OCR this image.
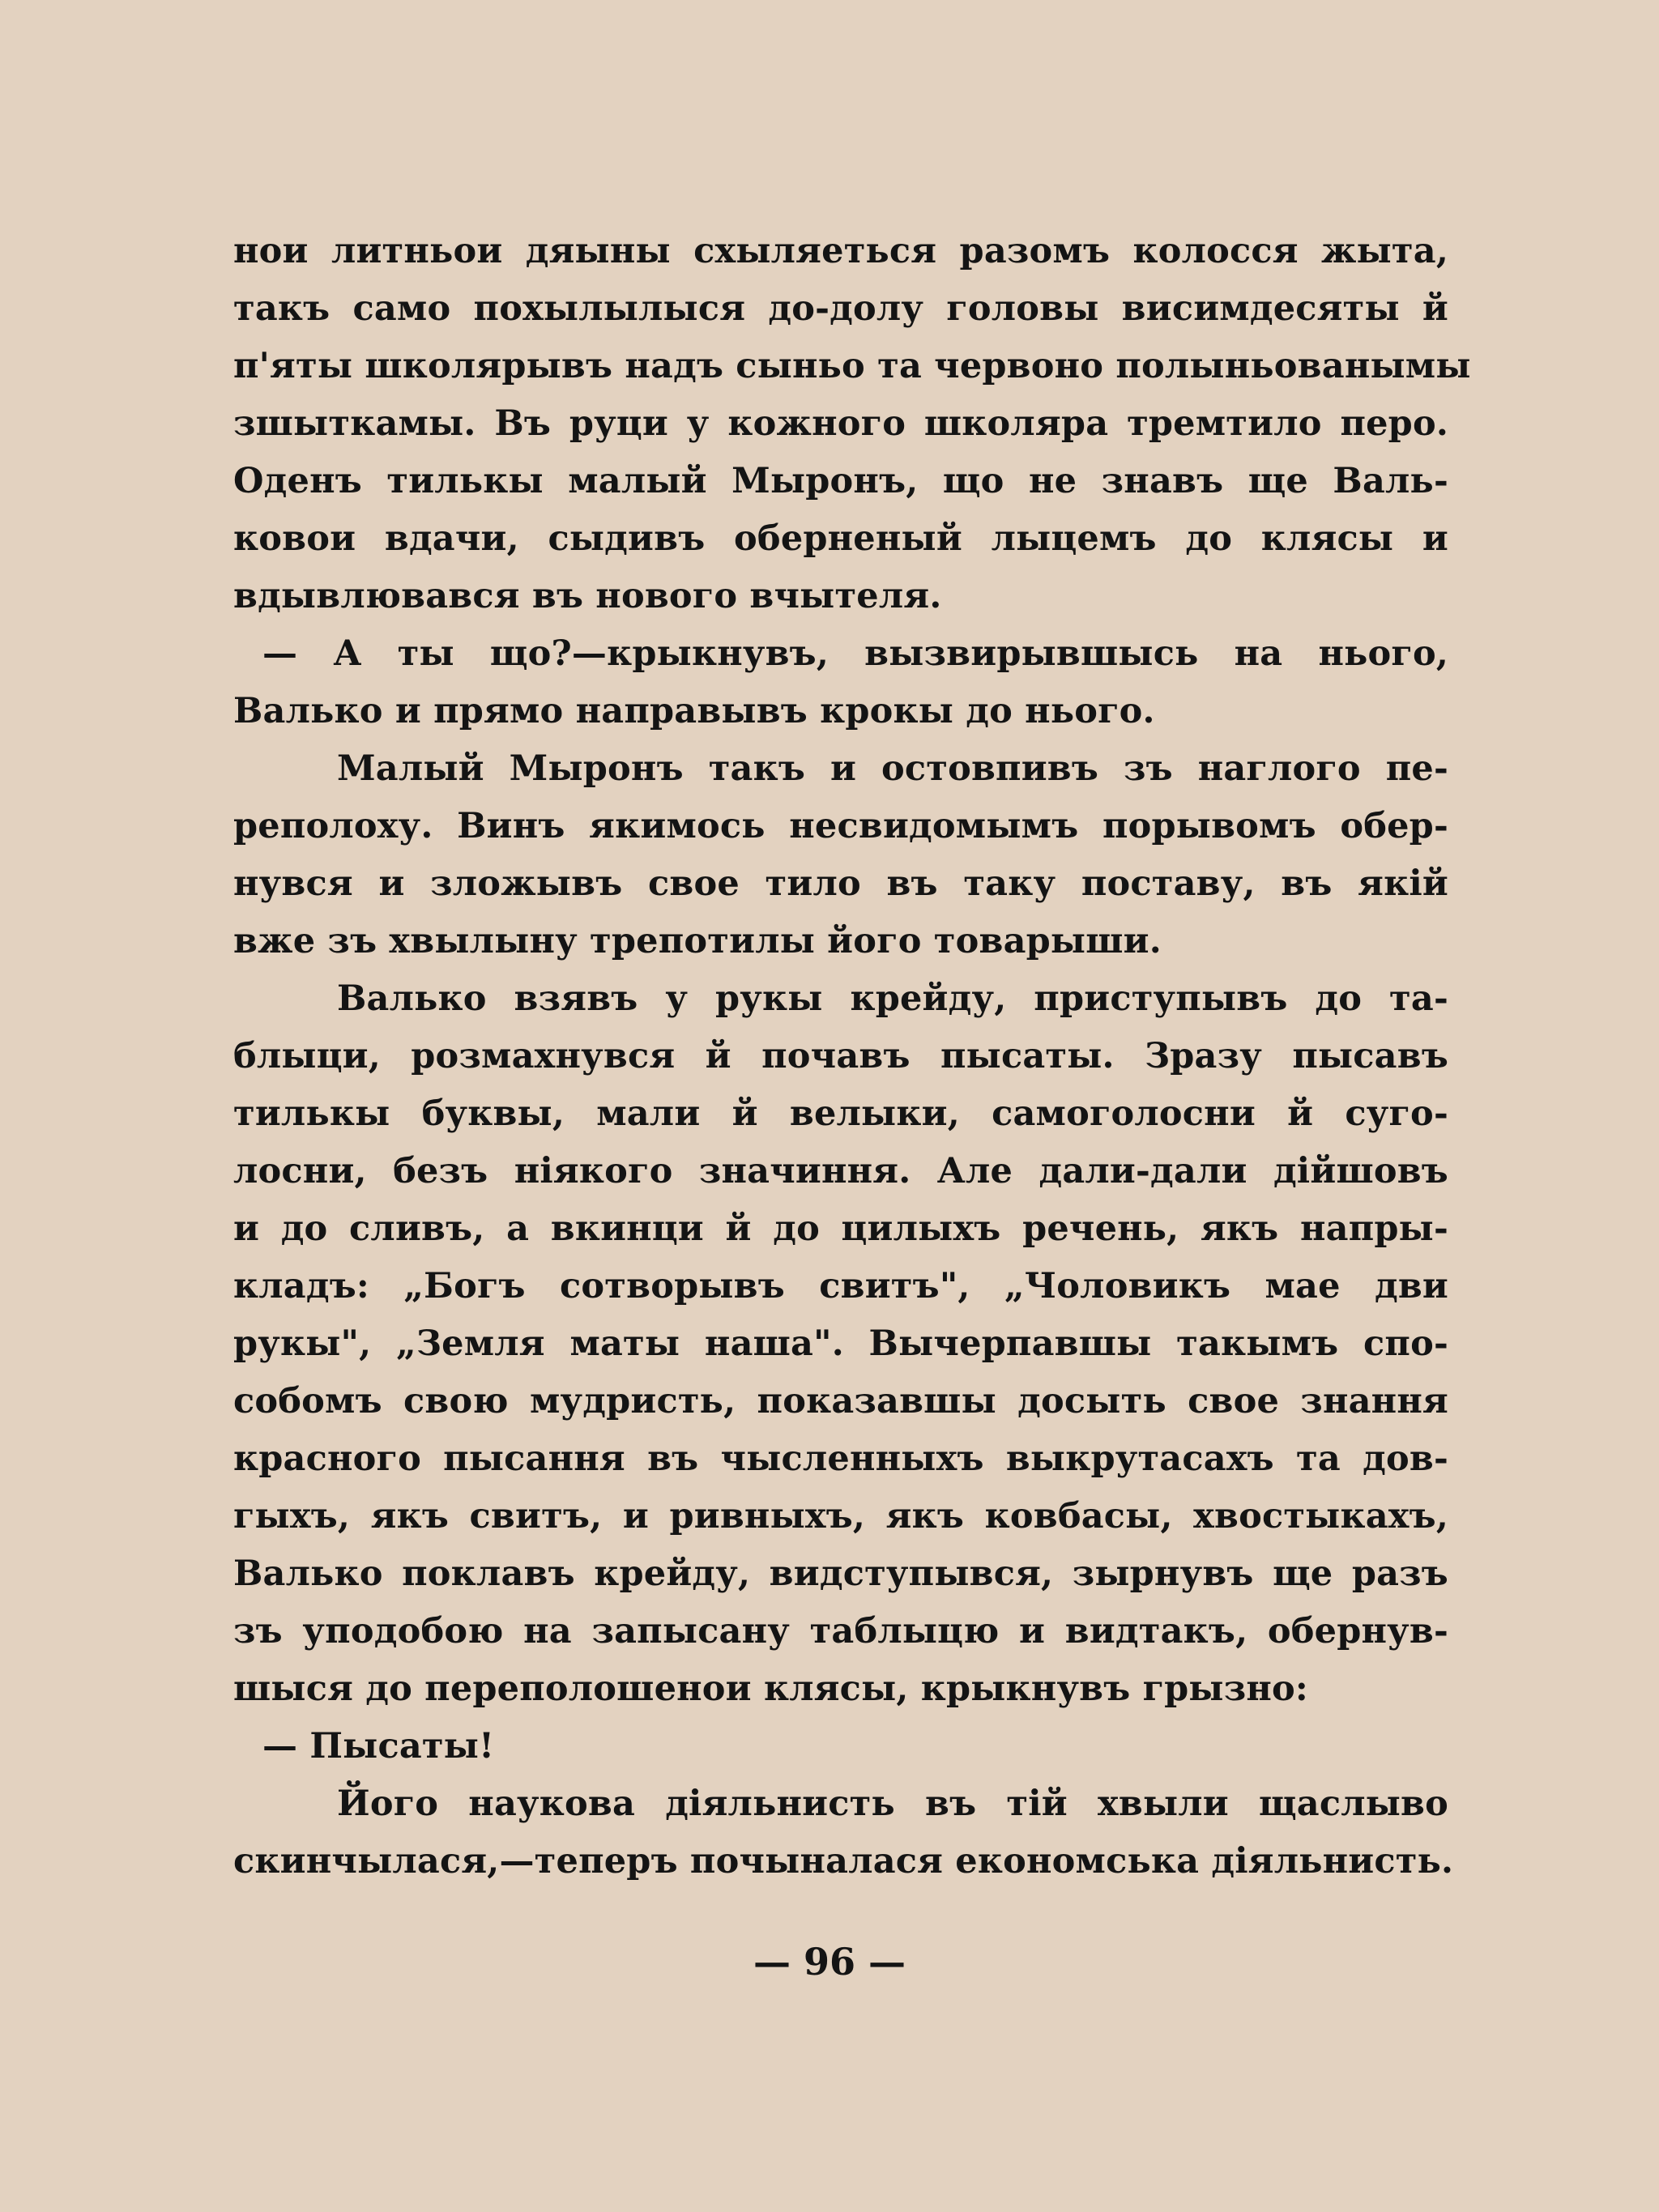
нои литньои дяыны схыляеться разомъ колосся жыта,
такъ само похылылыся до-долу головы висимдесяты й
п'яты школярывъ надъ сыньо та червоно полыньованымы
зшыткамы. Въ руци у кожного школяра тремтило перо.
Оденъ тилькы малый Мыронъ, що не знавъ ще Валь-
ковои вдачи, сыдивъ оберненый лыцемъ до клясы и
вдывлювався въ нового вчытеля.
— А ты що?—крыкнувъ, вызвирывшысь на нього,
Валько и прямо направывъ крокы до нього.
Малый Мыронъ такъ и остовпивъ зъ наглого пе-
реполоху. Винъ якимось несвидомымъ порывомъ обер-
нувся и зложывъ свое тило въ таку поставу, въ якій
вже зъ хвылыну трепотилы його товарыши.
Валько взявъ у рукы крейду, приступывъ до та-
блыци, розмахнувся й почавъ пысаты. Зразу пысавъ
тилькы буквы, мали й велыки, самоголосни й суго-
лосни, безъ ніякого значиння. Але дали-дали дійшовъ
и до сливъ, а вкинци й до цилыхъ речень, якъ напры-
кладъ: „Богъ сотворывъ свитъ", „Чоловикъ мае дви
рукы", „Земля маты наша". Вычерпавшы такымъ спо-
собомъ свою мудристь, показавшы досыть свое знання
красного пысання въ чысленныхъ выкрутасахъ та дов-
гыхъ, якъ свитъ, и ривныхъ, якъ ковбасы, хвостыкахъ,
Валько поклавъ крейду, видступывся, зырнувъ ще разъ
зъ уподобою на запысану таблыцю и видтакъ, обернув-
шыся до переполошенои клясы, крыкнувъ грызно:
— Пысаты!
Його наукова діяльнисть въ тій хвыли щаслыво
скинчылася,—теперъ почыналася економська діяльнисть.
— 96 —
